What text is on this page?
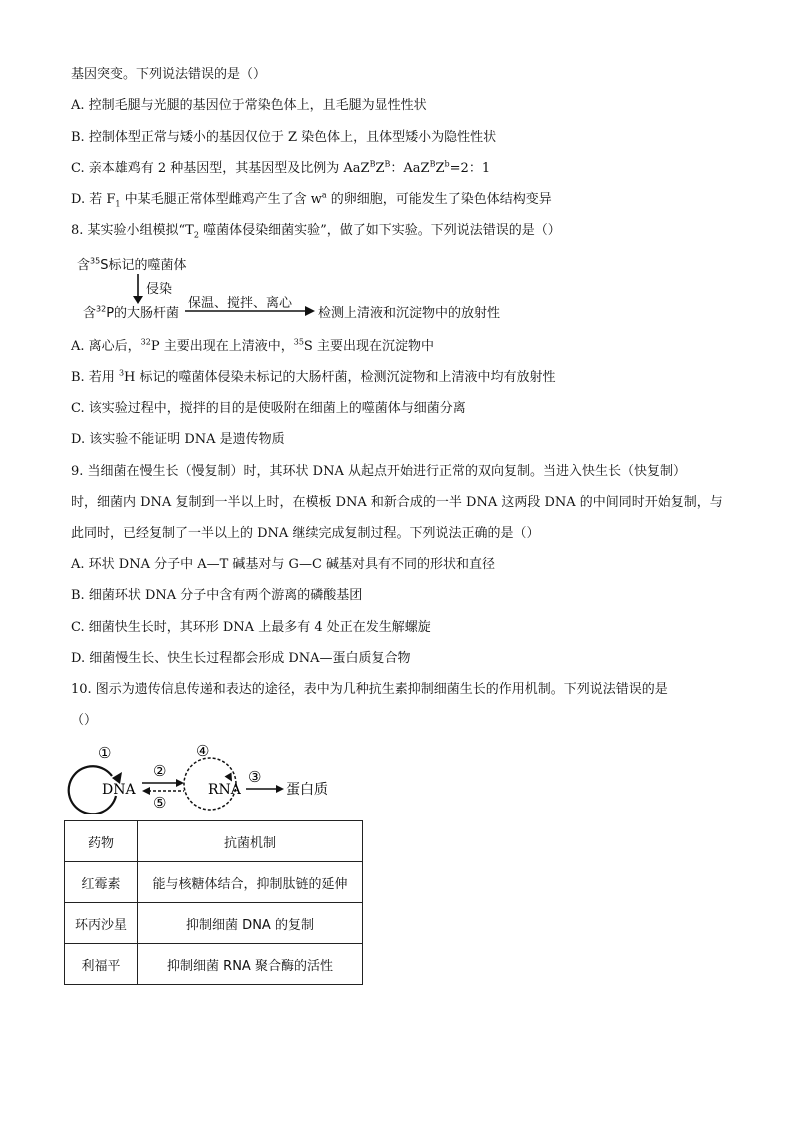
基因突变。下列说法错误的是（）
A. 控制毛腿与光腿的基因位于常染色体上，且毛腿为显性性状
B. 控制体型正常与矮小的基因仅位于 Z 染色体上，且体型矮小为隐性性状
C. 亲本雄鸡有 2 种基因型，其基因型及比例为 $AaZ^BZ^B$：$AaZ^BZ^b=2$：1
D. 若 $F_1$ 中某毛腿正常体型雌鸡产生了含 $w^a$ 的卵细胞，可能发生了染色体结构变异
8. 某实验小组模拟“$T_2$ 噬菌体侵染细菌实验”，做了如下实验。下列说法错误的是（）
含$^{35}$S标记的噬菌体
侵染
含$^{32}$P的大肠杆菌
保温、搅拌、离心
检测上清液和沉淀物中的放射性
A. 离心后，$^{32}$P 主要出现在上清液中，$^{35}$S 主要出现在沉淀物中
B. 若用 $^3$H 标记的噬菌体侵染未标记的大肠杆菌，检测沉淀物和上清液中均有放射性
C. 该实验过程中，搅拌的目的是使吸附在细菌上的噬菌体与细菌分离
D. 该实验不能证明 DNA 是遗传物质
9. 当细菌在慢生长（慢复制）时，其环状 DNA 从起点开始进行正常的双向复制。当进入快生长（快复制）
时，细菌内 DNA 复制到一半以上时，在模板 DNA 和新合成的一半 DNA 这两段 DNA 的中间同时开始复制，与
此同时，已经复制了一半以上的 DNA 继续完成复制过程。下列说法正确的是（）
A. 环状 DNA 分子中 A—T 碱基对与 G—C 碱基对具有不同的形状和直径
B. 细菌环状 DNA 分子中含有两个游离的磷酸基团
C. 细菌快生长时，其环形 DNA 上最多有 4 处正在发生解螺旋
D. 细菌慢生长、快生长过程都会形成 DNA—蛋白质复合物
10. 图示为遗传信息传递和表达的途径，表中为几种抗生素抑制细菌生长的作用机制。下列说法错误的是
（）
①
DNA
②
⑤
④
RNA
③
蛋白质
药物	抗菌机制
红霉素	能与核糖体结合，抑制肽链的延伸
环丙沙星	抑制细菌 DNA 的复制
利福平	抑制细菌 RNA 聚合酶的活性
